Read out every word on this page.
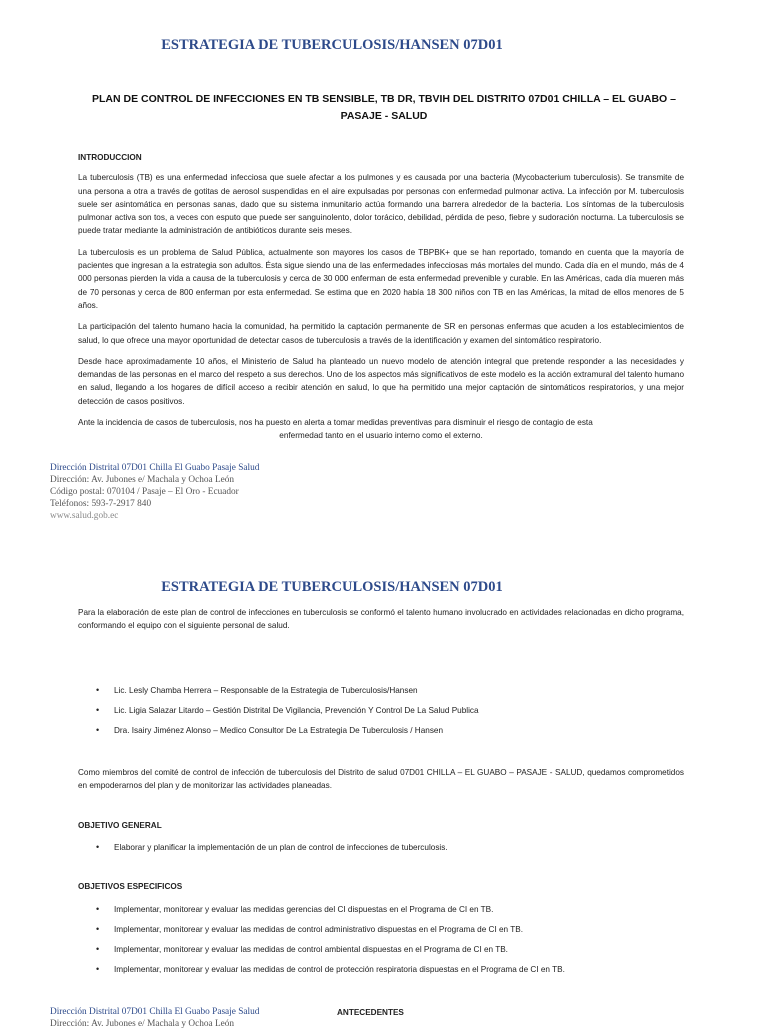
ESTRATEGIA DE TUBERCULOSIS/HANSEN 07D01
PLAN DE CONTROL DE INFECCIONES EN TB SENSIBLE, TB DR, TBVIH DEL DISTRITO 07D01 CHILLA – EL GUABO –
PASAJE - SALUD

INTRODUCCION

La tuberculosis (TB) es una enfermedad infecciosa que suele afectar a los pulmones y es causada por una bacteria (Mycobacterium tuberculosis). Se transmite de una persona a otra a través de gotitas de aerosol suspendidas en el aire expulsadas por personas con enfermedad pulmonar activa. La infección por M. tuberculosis suele ser asintomática en personas sanas, dado que su sistema inmunitario actúa formando una barrera alrededor de la bacteria. Los síntomas de la tuberculosis pulmonar activa son tos, a veces con esputo que puede ser sanguinolento, dolor torácico, debilidad, pérdida de peso, fiebre y sudoración nocturna. La tuberculosis se puede tratar mediante la administración de antibióticos durante seis meses.

La tuberculosis es un problema de Salud Pública, actualmente son mayores los casos de TBPBK+ que se han reportado, tomando en cuenta que la mayoría de pacientes que ingresan a la estrategia son adultos. Ésta sigue siendo una de las enfermedades infecciosas más mortales del mundo. Cada día en el mundo, más de 4 000 personas pierden la vida a causa de la tuberculosis y cerca de 30 000 enferman de esta enfermedad prevenible y curable. En las Américas, cada día mueren más de 70 personas y cerca de 800 enferman por esta enfermedad. Se estima que en 2020 había 18 300 niños con TB en las Américas, la mitad de ellos menores de 5 años.

La participación del talento humano hacia la comunidad, ha permitido la captación permanente de SR en personas enfermas que acuden a los establecimientos de salud, lo que ofrece una mayor oportunidad de detectar casos de tuberculosis a través de la identificación y examen del sintomático respiratorio.

Desde hace aproximadamente 10 años, el Ministerio de Salud ha planteado un nuevo modelo de atención integral que pretende responder a las necesidades y demandas de las personas en el marco del respeto a sus derechos. Uno de los aspectos más significativos de este modelo es la acción extramural del talento humano en salud, llegando a los hogares de difícil acceso a recibir atención en salud, lo que ha permitido una mejor captación de sintomáticos respiratorios, y una mejor detección de casos positivos.

Ante la incidencia de casos de tuberculosis, nos ha puesto en alerta a tomar medidas preventivas para disminuir el riesgo de contagio de esta
enfermedad tanto en el usuario interno como el externo.

Dirección Distrital 07D01 Chilla El Guabo Pasaje Salud
Dirección: Av. Jubones e/ Machala y Ochoa León
Código postal: 070104 / Pasaje – El Oro - Ecuador
Teléfonos: 593-7-2917 840
www.salud.gob.ec
ESTRATEGIA DE TUBERCULOSIS/HANSEN 07D01

Para la elaboración de este plan de control de infecciones en tuberculosis se conformó el talento humano involucrado en actividades relacionadas en dicho programa, conformando el equipo con el siguiente personal de salud.

• Lic. Lesly Chamba Herrera – Responsable de la Estrategia de Tuberculosis/Hansen
• Lic. Ligia Salazar Litardo – Gestión Distrital De Vigilancia, Prevención Y Control De La Salud Publica
• Dra. Isairy Jiménez Alonso – Medico Consultor De La Estrategia De Tuberculosis / Hansen

Como miembros del comité de control de infección de tuberculosis del Distrito de salud 07D01 CHILLA – EL GUABO – PASAJE - SALUD, quedamos comprometidos en empoderarnos del plan y de monitorizar las actividades planeadas.

OBJETIVO GENERAL
• Elaborar y planificar la implementación de un plan de control de infecciones de tuberculosis.
OBJETIVOS ESPECIFICOS
• Implementar, monitorear y evaluar las medidas gerencias del CI dispuestas en el Programa de CI en TB.
• Implementar, monitorear y evaluar las medidas de control administrativo dispuestas en el Programa de CI en TB.
• Implementar, monitorear y evaluar las medidas de control ambiental dispuestas en el Programa de CI en TB.
• Implementar, monitorear y evaluar las medidas de control de protección respiratoria dispuestas en el Programa de CI en TB.
Dirección Distrital 07D01 Chilla El Guabo Pasaje Salud
Dirección: Av. Jubones e/ Machala y Ochoa León
ANTECEDENTES
